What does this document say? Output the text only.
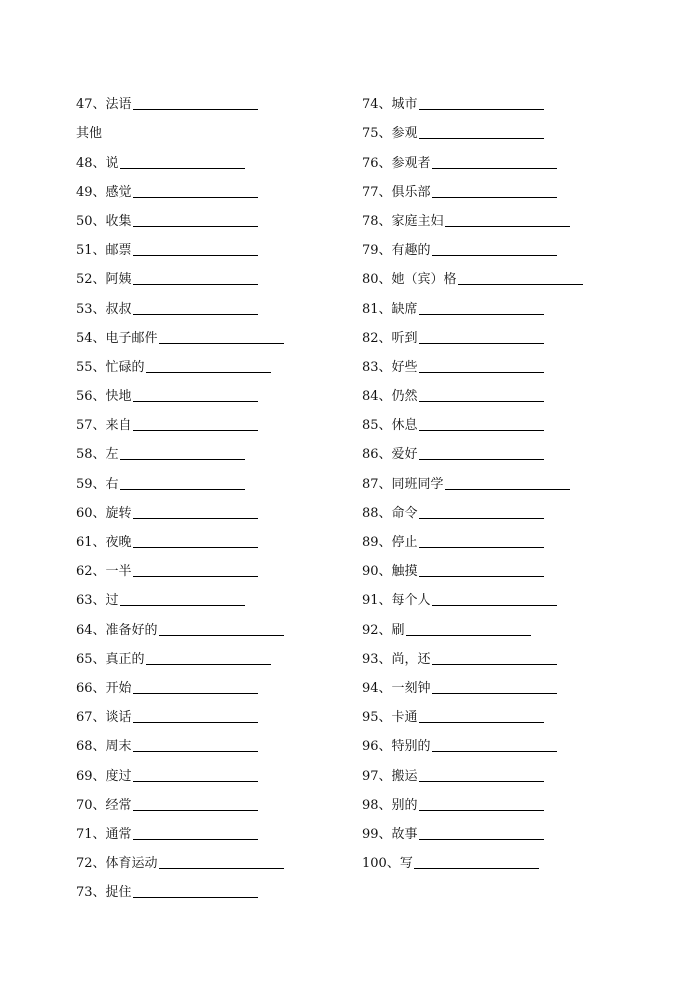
47、法语
其他
48、说
49、感觉
50、收集
51、邮票
52、阿姨
53、叔叔
54、电子邮件
55、忙碌的
56、快地
57、来自
58、左
59、右
60、旋转
61、夜晚
62、一半
63、过
64、准备好的
65、真正的
66、开始
67、谈话
68、周末
69、度过
70、经常
71、通常
72、体育运动
73、捉住
74、城市
75、参观
76、参观者
77、俱乐部
78、家庭主妇
79、有趣的
80、她（宾）格
81、缺席
82、听到
83、好些
84、仍然
85、休息
86、爱好
87、同班同学
88、命令
89、停止
90、触摸
91、每个人
92、刷
93、尚，还
94、一刻钟
95、卡通
96、特别的
97、搬运
98、别的
99、故事
100、写
